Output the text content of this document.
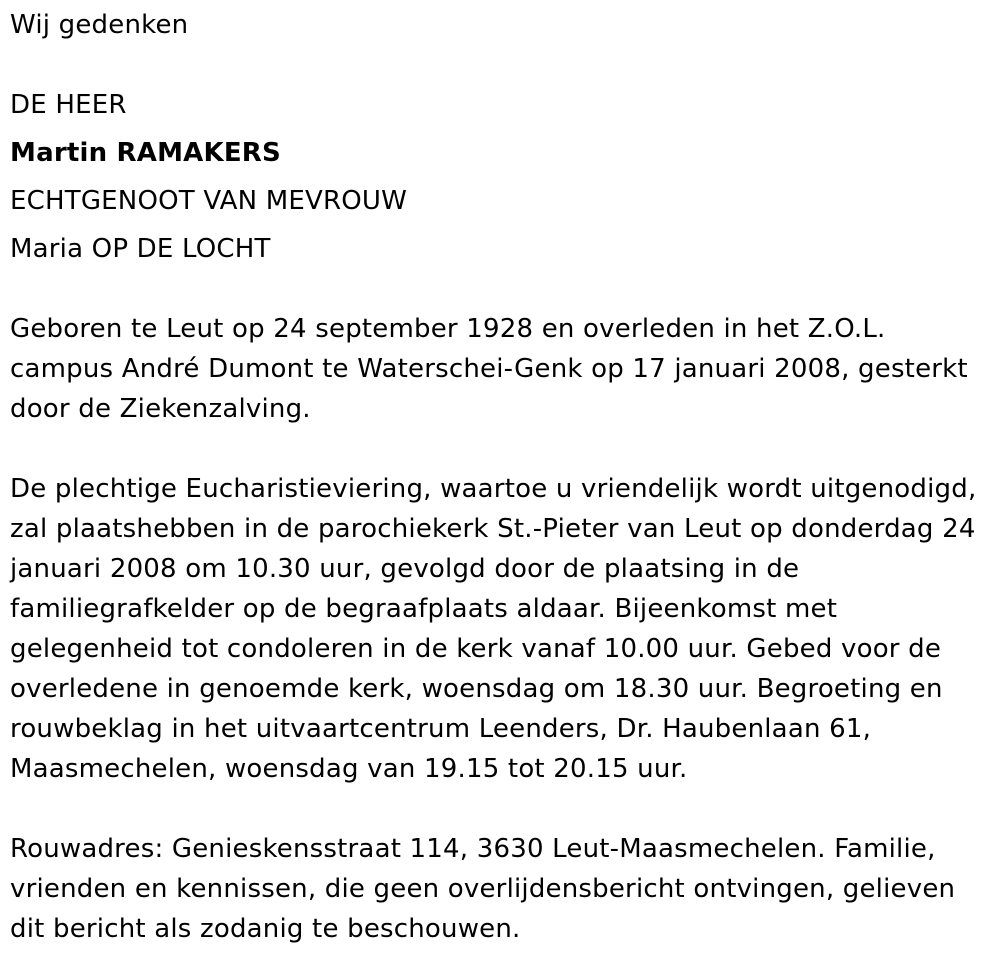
Wij gedenken
DE HEER
Martin RAMAKERS
ECHTGENOOT VAN MEVROUW
Maria OP DE LOCHT
Geboren te Leut op 24 september 1928 en overleden in het Z.O.L.
campus André Dumont te Waterschei-Genk op 17 januari 2008, gesterkt
door de Ziekenzalving.
De plechtige Eucharistieviering, waartoe u vriendelijk wordt uitgenodigd,
zal plaatshebben in de parochiekerk St.-Pieter van Leut op donderdag 24
januari 2008 om 10.30 uur, gevolgd door de plaatsing in de
familiegrafkelder op de begraafplaats aldaar. Bijeenkomst met
gelegenheid tot condoleren in de kerk vanaf 10.00 uur. Gebed voor de
overledene in genoemde kerk, woensdag om 18.30 uur. Begroeting en
rouwbeklag in het uitvaartcentrum Leenders, Dr. Haubenlaan 61,
Maasmechelen, woensdag van 19.15 tot 20.15 uur.
Rouwadres: Genieskensstraat 114, 3630 Leut-Maasmechelen. Familie,
vrienden en kennissen, die geen overlijdensbericht ontvingen, gelieven
dit bericht als zodanig te beschouwen.
